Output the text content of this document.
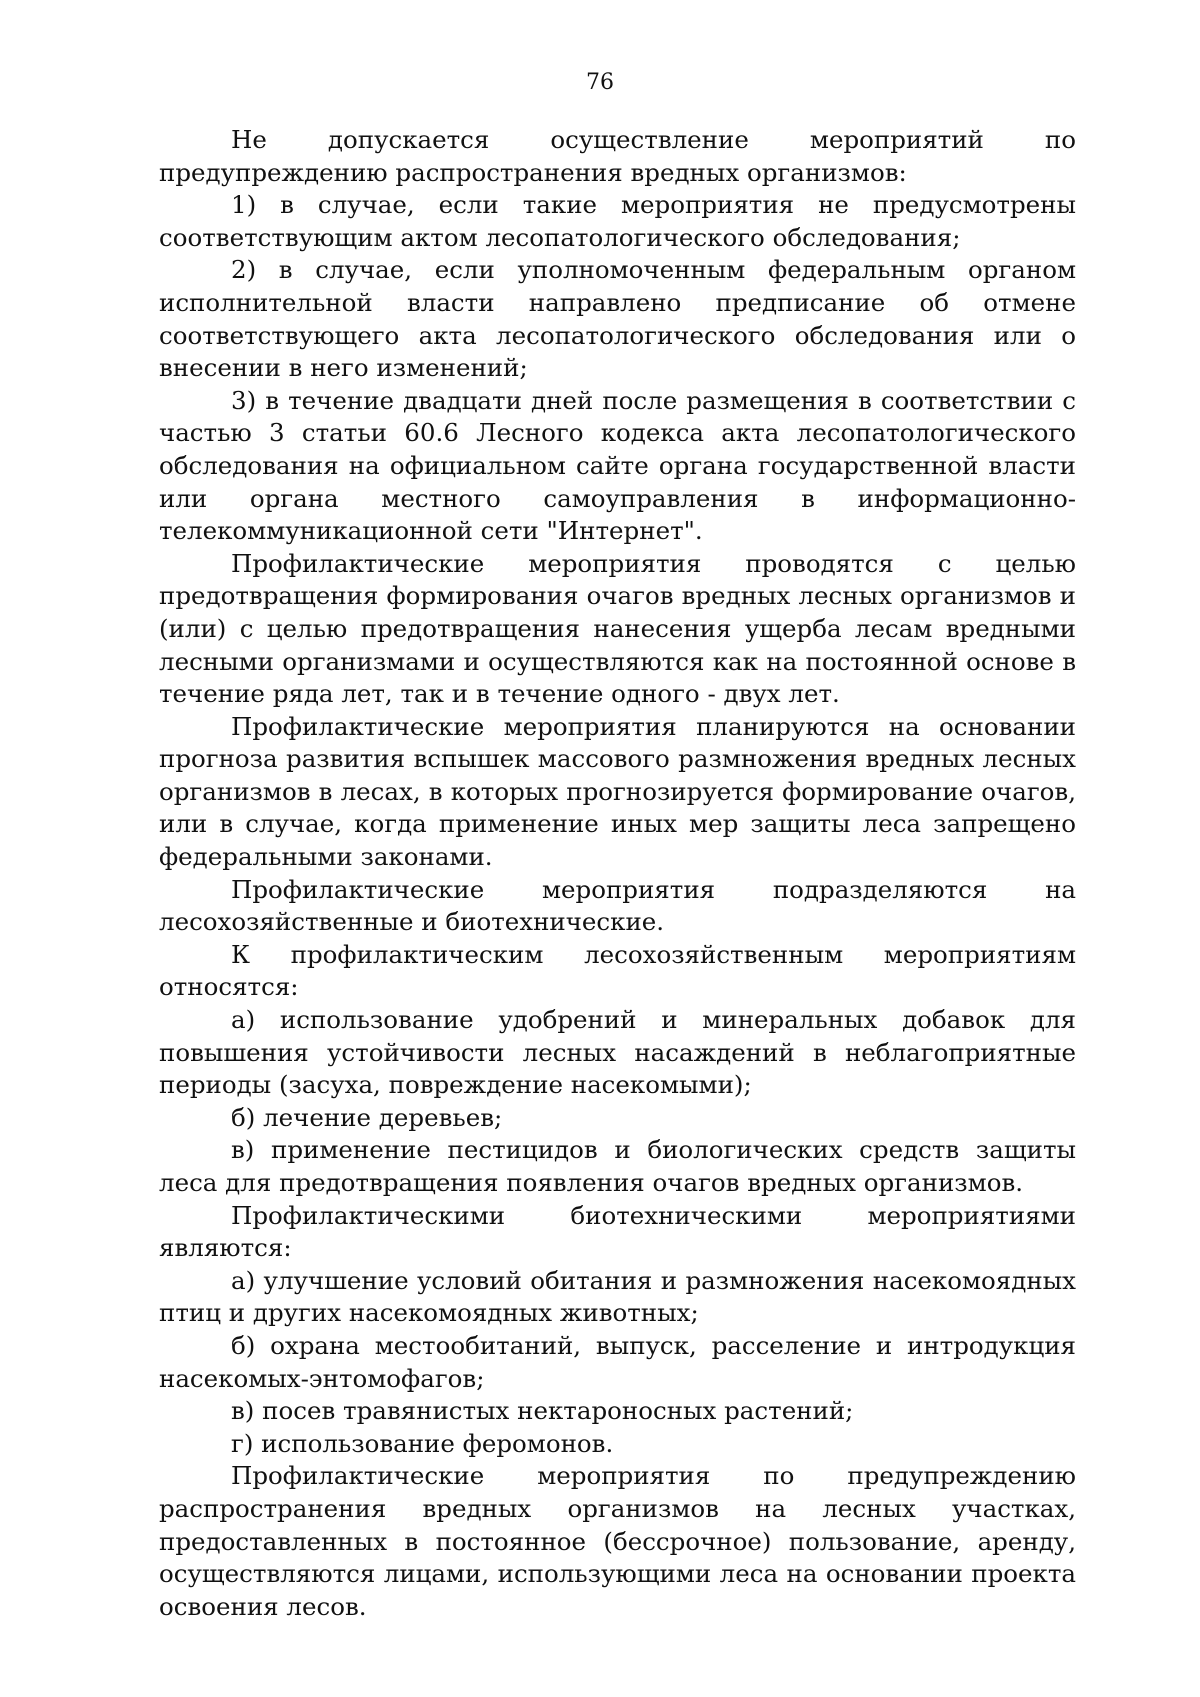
76

Не допускается осуществление мероприятий по предупреждению распространения вредных организмов:

1) в случае, если такие мероприятия не предусмотрены соответствующим актом лесопатологического обследования;

2) в случае, если уполномоченным федеральным органом исполнительной власти направлено предписание об отмене соответствующего акта лесопатологического обследования или о внесении в него изменений;

3) в течение двадцати дней после размещения в соответствии с частью 3 статьи 60.6 Лесного кодекса акта лесопатологического обследования на официальном сайте органа государственной власти или органа местного самоуправления в информационно-телекоммуникационной сети "Интернет".

Профилактические мероприятия проводятся с целью предотвращения формирования очагов вредных лесных организмов и (или) с целью предотвращения нанесения ущерба лесам вредными лесными организмами и осуществляются как на постоянной основе в течение ряда лет, так и в течение одного - двух лет.

Профилактические мероприятия планируются на основании прогноза развития вспышек массового размножения вредных лесных организмов в лесах, в которых прогнозируется формирование очагов, или в случае, когда применение иных мер защиты леса запрещено федеральными законами.

Профилактические мероприятия подразделяются на лесохозяйственные и биотехнические.

К профилактическим лесохозяйственным мероприятиям относятся:

а) использование удобрений и минеральных добавок для повышения устойчивости лесных насаждений в неблагоприятные периоды (засуха, повреждение насекомыми);

б) лечение деревьев;

в) применение пестицидов и биологических средств защиты леса для предотвращения появления очагов вредных организмов.

Профилактическими биотехническими мероприятиями являются:

а) улучшение условий обитания и размножения насекомоядных птиц и других насекомоядных животных;

б) охрана местообитаний, выпуск, расселение и интродукция насекомых-энтомофагов;

в) посев травянистых нектароносных растений;

г) использование феромонов.

Профилактические мероприятия по предупреждению распространения вредных организмов на лесных участках, предоставленных в постоянное (бессрочное) пользование, аренду, осуществляются лицами, использующими леса на основании проекта освоения лесов.
